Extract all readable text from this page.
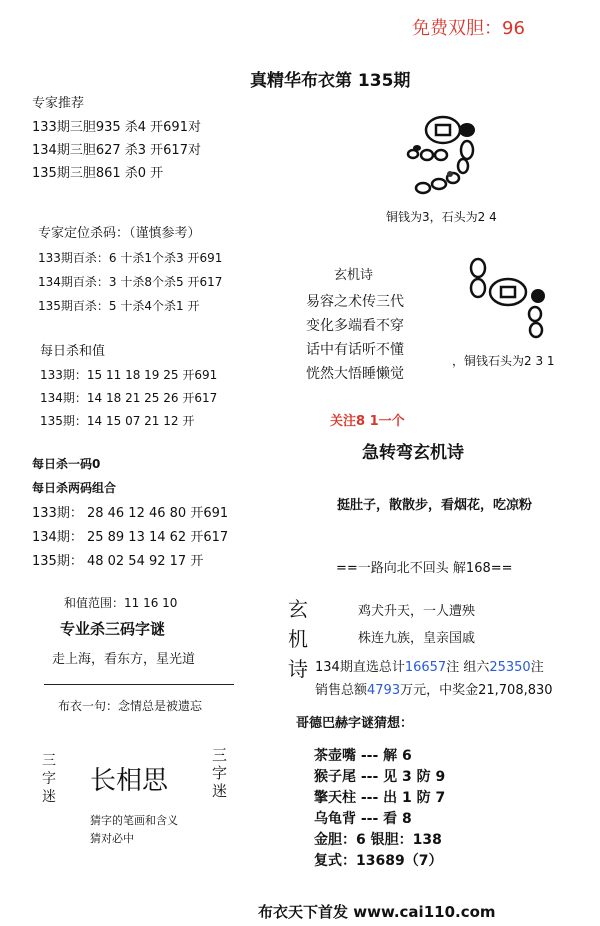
免费双胆：96
真精华布衣第 135期
专家推荐
133期三胆935 杀4 开691对
134期三胆627 杀3 开617对
135期三胆861 杀0 开
铜钱为3，石头为2 4
专家定位杀码：（谨慎参考）
133期百杀：6 十杀1个杀3 开691
134期百杀：3 十杀8个杀5 开617
135期百杀：5 十杀4个杀1 开
玄机诗
易容之术传三代
变化多端看不穿
话中有话听不懂
恍然大悟睡懒觉
，铜钱石头为2 3 1
每日杀和值
133期：15 11 18 19 25 开691
134期：14 18 21 25 26 开617
135期：14 15 07 21 12 开	关注8 1一个
急转弯玄机诗
挺肚子，散散步，看烟花，吃凉粉
每日杀一码0
每日杀两码组合
133期： 28 46 12 46 80 开691
134期： 25 89 13 14 62 开617
135期： 48 02 54 92 17 开	==一路向北不回头 解168==
和值范围：11 16 10
专业杀三码字谜
走上海，看东方，星光道
布衣一句：念情总是被遗忘
玄
机
诗
鸡犬升天，一人遭殃
株连九族，皇亲国戚
134期直选总计16657注 组六25350注
销售总额4793万元，中奖金21,708,830
哥德巴赫字谜猜想：
茶壶嘴 --- 解 6
猴子尾 --- 见 3 防 9
擎天柱 --- 出 1 防 7
乌龟背 --- 看 8
金胆：6 银胆：138
复式：13689（7）
三
字
迷
长相思
三
字
迷
猜字的笔画和含义
猜对必中
布衣天下首发 www.cai110.com
